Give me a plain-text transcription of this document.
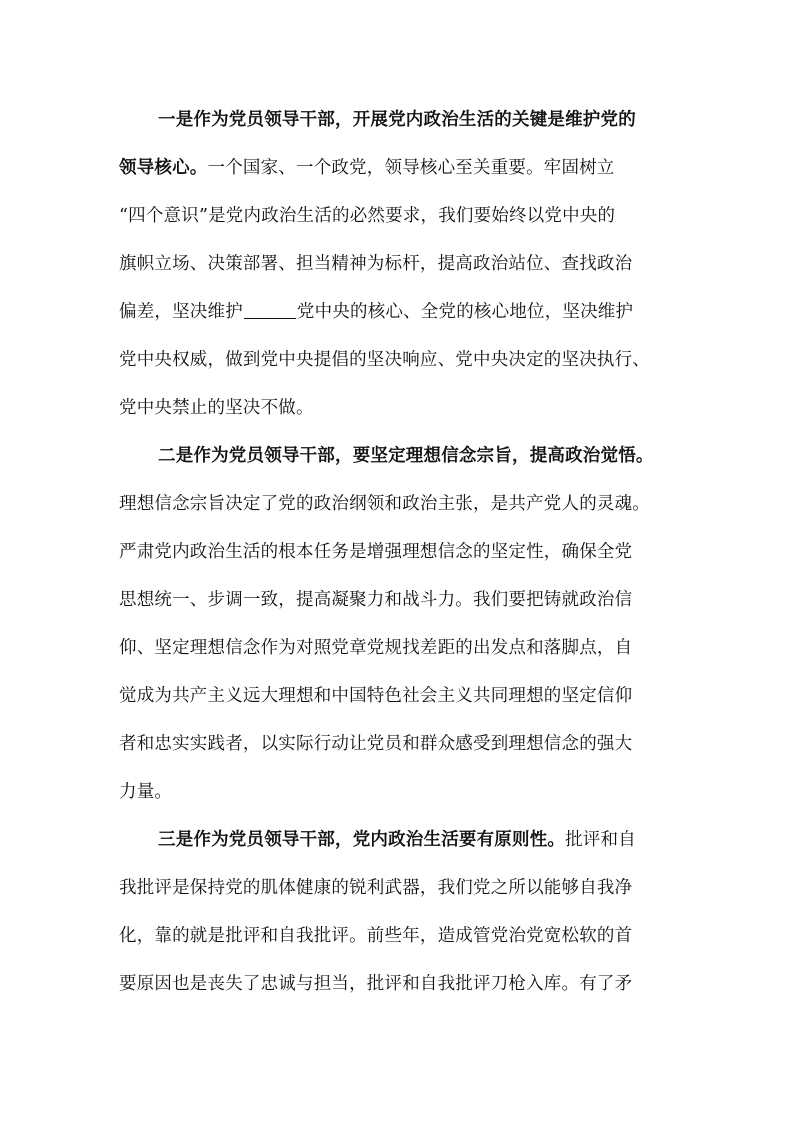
一是作为党员领导干部，开展党内政治生活的关键是维护党的
领导核心。一个国家、一个政党，领导核心至关重要。牢固树立
“四个意识”是党内政治生活的必然要求，我们要始终以党中央的
旗帜立场、决策部署、担当精神为标杆，提高政治站位、查找政治
偏差，坚决维护	党中央的核心、全党的核心地位，坚决维护
党中央权威，做到党中央提倡的坚决响应、党中央决定的坚决执行、
党中央禁止的坚决不做。
二是作为党员领导干部，要坚定理想信念宗旨，提高政治觉悟。
理想信念宗旨决定了党的政治纲领和政治主张，是共产党人的灵魂。
严肃党内政治生活的根本任务是增强理想信念的坚定性，确保全党
思想统一、步调一致，提高凝聚力和战斗力。我们要把铸就政治信
仰、坚定理想信念作为对照党章党规找差距的出发点和落脚点，自
觉成为共产主义远大理想和中国特色社会主义共同理想的坚定信仰
者和忠实实践者，以实际行动让党员和群众感受到理想信念的强大
力量。
三是作为党员领导干部，党内政治生活要有原则性。批评和自
我批评是保持党的肌体健康的锐利武器，我们党之所以能够自我净
化，靠的就是批评和自我批评。前些年，造成管党治党宽松软的首
要原因也是丧失了忠诚与担当，批评和自我批评刀枪入库。有了矛
